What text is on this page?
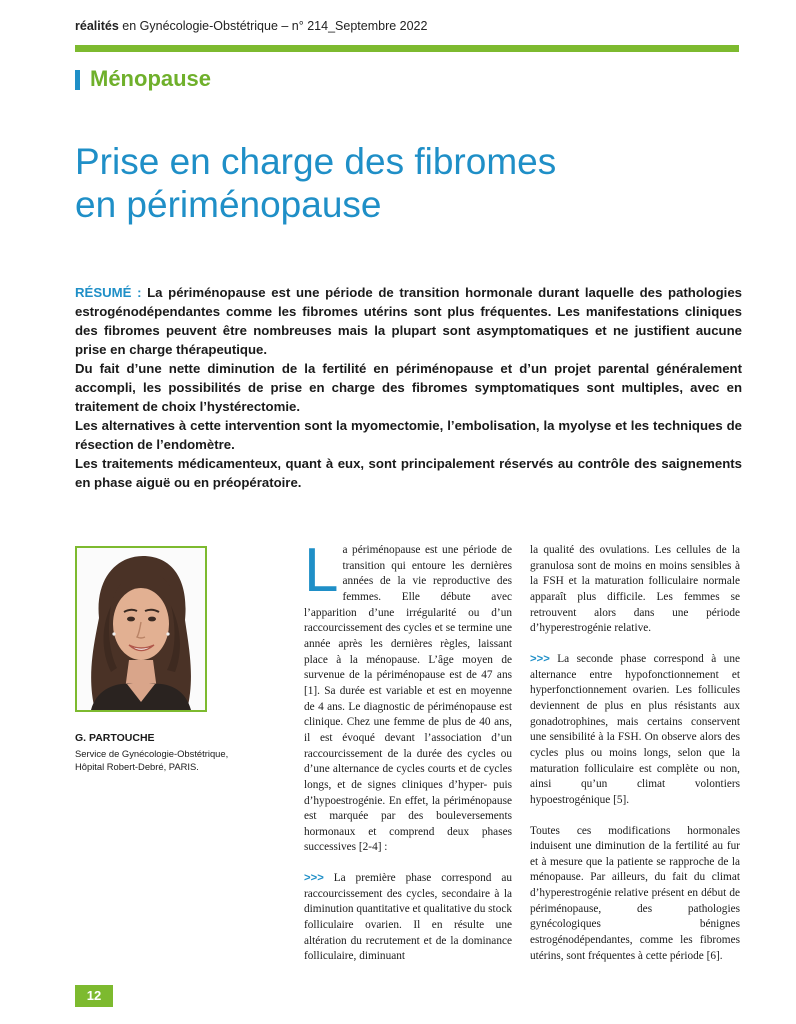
réalités en Gynécologie-Obstétrique – n° 214_Septembre 2022
Ménopause
Prise en charge des fibromes
en périménopause

RÉSUMÉ : La périménopause est une période de transition hormonale durant laquelle des pathologies estrogénodépendantes comme les fibromes utérins sont plus fréquentes. Les manifestations cliniques des fibromes peuvent être nombreuses mais la plupart sont asymptomatiques et ne justifient aucune prise en charge thérapeutique.

Du fait d’une nette diminution de la fertilité en périménopause et d’un projet parental généralement accompli, les possibilités de prise en charge des fibromes symptomatiques sont multiples, avec en traitement de choix l’hystérectomie.

Les alternatives à cette intervention sont la myomectomie, l’embolisation, la myolyse et les techniques de résection de l’endomètre.

Les traitements médicamenteux, quant à eux, sont principalement réservés au contrôle des saignements en phase aiguë ou en préopératoire.

G. PARTOUCHE
Service de Gynécologie-Obstétrique,
Hôpital Robert-Debré, PARIS.

La périménopause est une période de transition qui entoure les dernières années de la vie reproductive des femmes. Elle débute avec l’apparition d’une irrégularité ou d’un raccourcissement des cycles et se termine une année après les dernières règles, laissant place à la ménopause. L’âge moyen de survenue de la périménopause est de 47 ans [1]. Sa durée est variable et est en moyenne de 4 ans. Le diagnostic de périménopause est clinique. Chez une femme de plus de 40 ans, il est évoqué devant l’association d’un raccourcissement de la durée des cycles ou d’une alternance de cycles courts et de cycles longs, et de signes cliniques d’hyper- puis d’hypoestrogénie. En effet, la périménopause est marquée par des bouleversements hormonaux et comprend deux phases successives [2-4] :

>>> La première phase correspond au raccourcissement des cycles, secondaire à la diminution quantitative et qualitative du stock folliculaire ovarien. Il en résulte une altération du recrutement et de la dominance folliculaire, diminuant

la qualité des ovulations. Les cellules de la granulosa sont de moins en moins sensibles à la FSH et la maturation folliculaire normale apparaît plus difficile. Les femmes se retrouvent alors dans une période d’hyperestrogénie relative.

>>> La seconde phase correspond à une alternance entre hypofonctionnement et hyperfonctionnement ovarien. Les follicules deviennent de plus en plus résistants aux gonadotrophines, mais certains conservent une sensibilité à la FSH. On observe alors des cycles plus ou moins longs, selon que la maturation folliculaire est complète ou non, ainsi qu’un climat volontiers hypoestrogénique [5].

Toutes ces modifications hormonales induisent une diminution de la fertilité au fur et à mesure que la patiente se rapproche de la ménopause. Par ailleurs, du fait du climat d’hyperestrogénie relative présent en début de périménopause, des pathologies gynécologiques bénignes estrogénodépendantes, comme les fibromes utérins, sont fréquentes à cette période [6].

12
